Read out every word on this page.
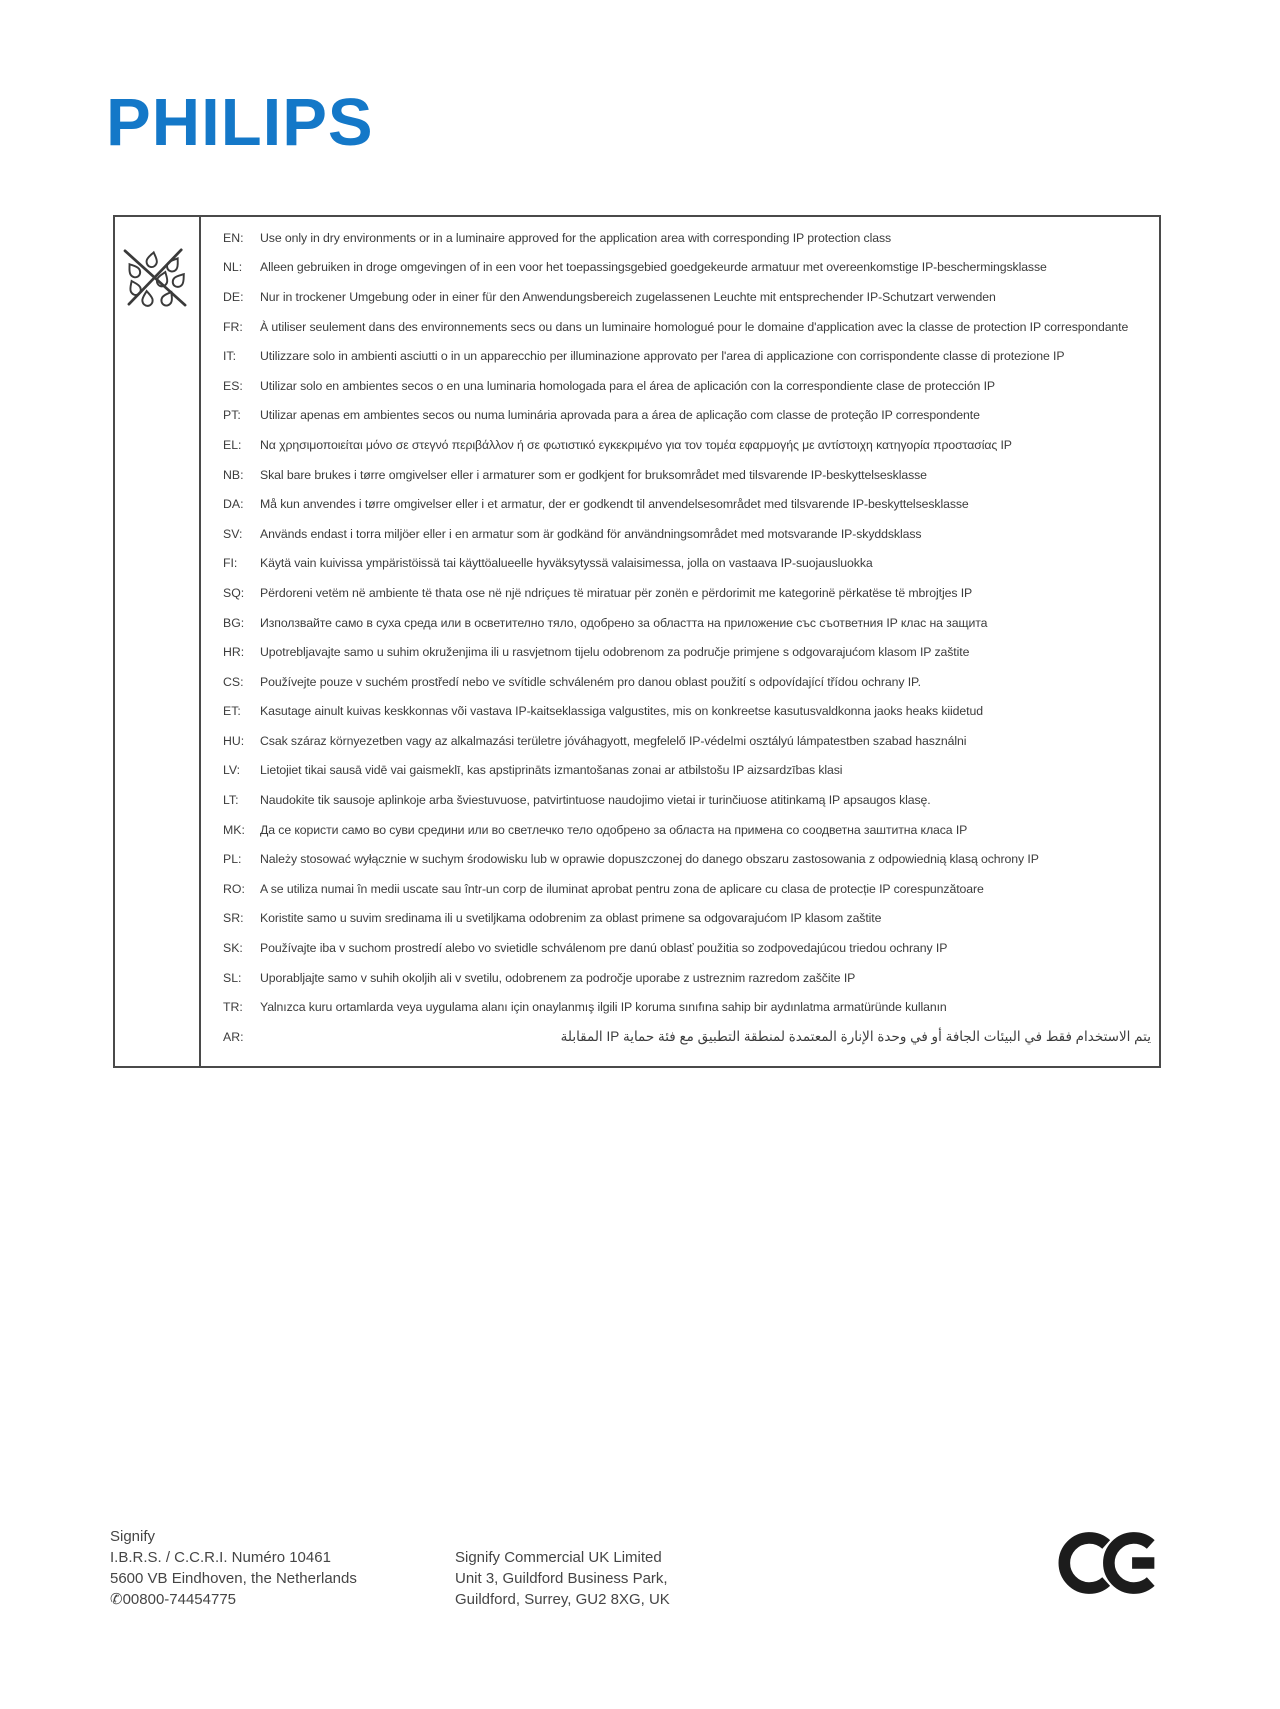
PHILIPS
EN:	Use only in dry environments or in a luminaire approved for the application area with corresponding IP protection class
NL:	Alleen gebruiken in droge omgevingen of in een voor het toepassingsgebied goedgekeurde armatuur met overeenkomstige IP-beschermingsklasse
DE:	Nur in trockener Umgebung oder in einer für den Anwendungsbereich zugelassenen Leuchte mit entsprechender IP-Schutzart verwenden
FR:	À utiliser seulement dans des environnements secs ou dans un luminaire homologué pour le domaine d'application avec la classe de protection IP correspondante
IT:	Utilizzare solo in ambienti asciutti o in un apparecchio per illuminazione approvato per l'area di applicazione con corrispondente classe di protezione IP
ES:	Utilizar solo en ambientes secos o en una luminaria homologada para el área de aplicación con la correspondiente clase de protección IP
PT:	Utilizar apenas em ambientes secos ou numa luminária aprovada para a área de aplicação com classe de proteção IP correspondente
EL:	Να χρησιμοποιείται μόνο σε στεγνό περιβάλλον ή σε φωτιστικό εγκεκριμένο για τον τομέα εφαρμογής με αντίστοιχη κατηγορία προστασίας IP
NB:	Skal bare brukes i tørre omgivelser eller i armaturer som er godkjent for bruksområdet med tilsvarende IP-beskyttelsesklasse
DA:	Må kun anvendes i tørre omgivelser eller i et armatur, der er godkendt til anvendelsesområdet med tilsvarende IP-beskyttelsesklasse
SV:	Används endast i torra miljöer eller i en armatur som är godkänd för användningsområdet med motsvarande IP-skyddsklass
FI:	Käytä vain kuivissa ympäristöissä tai käyttöalueelle hyväksytyssä valaisimessa, jolla on vastaava IP-suojausluokka
SQ:	Përdoreni vetëm në ambiente të thata ose në një ndriçues të miratuar për zonën e përdorimit me kategorinë përkatëse të mbrojtjes IP
BG:	Използвайте само в суха среда или в осветително тяло, одобрено за областта на приложение със съответния IP клас на защита
HR:	Upotrebljavajte samo u suhim okruženjima ili u rasvjetnom tijelu odobrenom za područje primjene s odgovarajućom klasom IP zaštite
CS:	Používejte pouze v suchém prostředí nebo ve svítidle schváleném pro danou oblast použití s odpovídající třídou ochrany IP.
ET:	Kasutage ainult kuivas keskkonnas või vastava IP-kaitseklassiga valgustites, mis on konkreetse kasutusvaldkonna jaoks heaks kiidetud
HU:	Csak száraz környezetben vagy az alkalmazási területre jóváhagyott, megfelelő IP-védelmi osztályú lámpatestben szabad használni
LV:	Lietojiet tikai sausā vidē vai gaismeklī, kas apstiprināts izmantošanas zonai ar atbilstošu IP aizsardzības klasi
LT:	Naudokite tik sausoje aplinkoje arba šviestuvuose, patvirtintuose naudojimo vietai ir turinčiuose atitinkamą IP apsaugos klasę.
MK:	Да се користи само во суви средини или во светлечко тело одобрено за областа на примена со соодветна заштитна класа IP
PL:	Należy stosować wyłącznie w suchym środowisku lub w oprawie dopuszczonej do danego obszaru zastosowania z odpowiednią klasą ochrony IP
RO:	A se utiliza numai în medii uscate sau într-un corp de iluminat aprobat pentru zona de aplicare cu clasa de protecție IP corespunzătoare
SR:	Koristite samo u suvim sredinama ili u svetiljkama odobrenim za oblast primene sa odgovarajućom IP klasom zaštite
SK:	Používajte iba v suchom prostredí alebo vo svietidle schválenom pre danú oblasť použitia so zodpovedajúcou triedou ochrany IP
SL:	Uporabljajte samo v suhih okoljih ali v svetilu, odobrenem za področje uporabe z ustreznim razredom zaščite IP
TR:	Yalnızca kuru ortamlarda veya uygulama alanı için onaylanmış ilgili IP koruma sınıfına sahip bir aydınlatma armatüründe kullanın
AR:	يتم الاستخدام فقط في البيئات الجافة أو في وحدة الإنارة المعتمدة لمنطقة التطبيق مع فئة حماية IP المقابلة
Signify
I.B.R.S. / C.C.R.I. Numéro 10461
5600 VB Eindhoven, the Netherlands
✆00800-74454775
Signify Commercial UK Limited
Unit 3, Guildford Business Park,
Guildford, Surrey, GU2 8XG, UK
